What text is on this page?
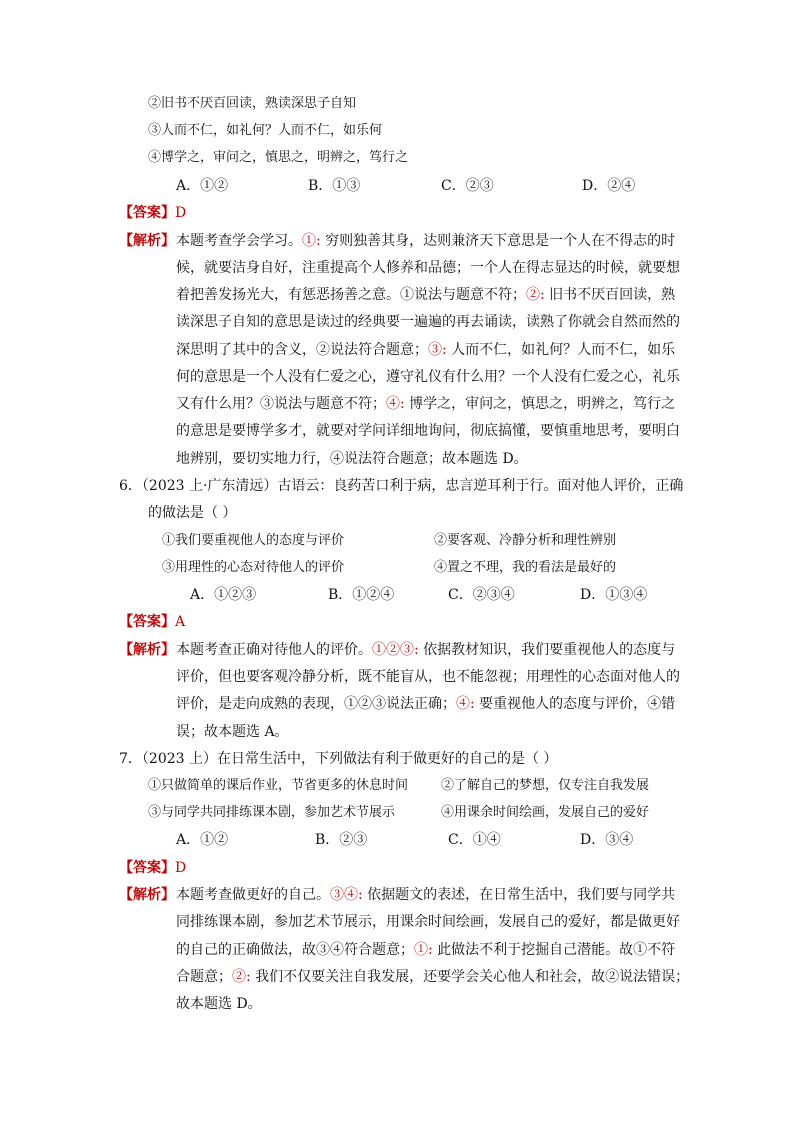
②旧书不厌百回读，熟读深思子自知
③人而不仁，如礼何？人而不仁，如乐何
④博学之，审问之，慎思之，明辨之，笃行之
A．①②	B．①③	C．②③	D．②④
【答案】D
【解析】 本题考查学会学习。①: 穷则独善其身，达则兼济天下意思是一个人在不得志的时
候，就要洁身自好，注重提高个人修养和品德；一个人在得志显达的时候，就要想
着把善发扬光大，有惩恶扬善之意。①说法与题意不符；②: 旧书不厌百回读，熟
读深思子自知的意思是读过的经典要一遍遍的再去诵读，读熟了你就会自然而然的
深思明了其中的含义，②说法符合题意；③: 人而不仁，如礼何？人而不仁，如乐
何的意思是一个人没有仁爱之心，遵守礼仪有什么用？一个人没有仁爱之心，礼乐
又有什么用？③说法与题意不符；④: 博学之，审问之，慎思之，明辨之，笃行之
的意思是要博学多才，就要对学问详细地询问，彻底搞懂，要慎重地思考，要明白
地辨别，要切实地力行，④说法符合题意；故本题选 D。
6．（2023 上·广东清远）古语云：良药苦口利于病，忠言逆耳利于行。面对他人评价，正确
的做法是（ ）
①我们要重视他人的态度与评价	②要客观、冷静分析和理性辨别
③用理性的心态对待他人的评价	④置之不理，我的看法是最好的
A．①②③	B．①②④	C．②③④	D．①③④
【答案】A
【解析】 本题考查正确对待他人的评价。①②③: 依据教材知识，我们要重视他人的态度与
评价，但也要客观冷静分析，既不能盲从，也不能忽视；用理性的心态面对他人的
评价，是走向成熟的表现，①②③说法正确；④: 要重视他人的态度与评价，④错
误；故本题选 A。
7．（2023 上）在日常生活中，下列做法有利于做更好的自己的是（ ）
①只做简单的课后作业，节省更多的休息时间	②了解自己的梦想，仅专注自我发展
③与同学共同排练课本剧，参加艺术节展示	④用课余时间绘画，发展自己的爱好
A．①②	B．②③	C．①④	D．③④
【答案】D
【解析】 本题考查做更好的自己。③④: 依据题文的表述，在日常生活中，我们要与同学共
同排练课本剧，参加艺术节展示，用课余时间绘画，发展自己的爱好，都是做更好
的自己的正确做法，故③④符合题意；①: 此做法不利于挖掘自己潜能。故①不符
合题意；②: 我们不仅要关注自我发展，还要学会关心他人和社会，故②说法错误；
故本题选 D。
